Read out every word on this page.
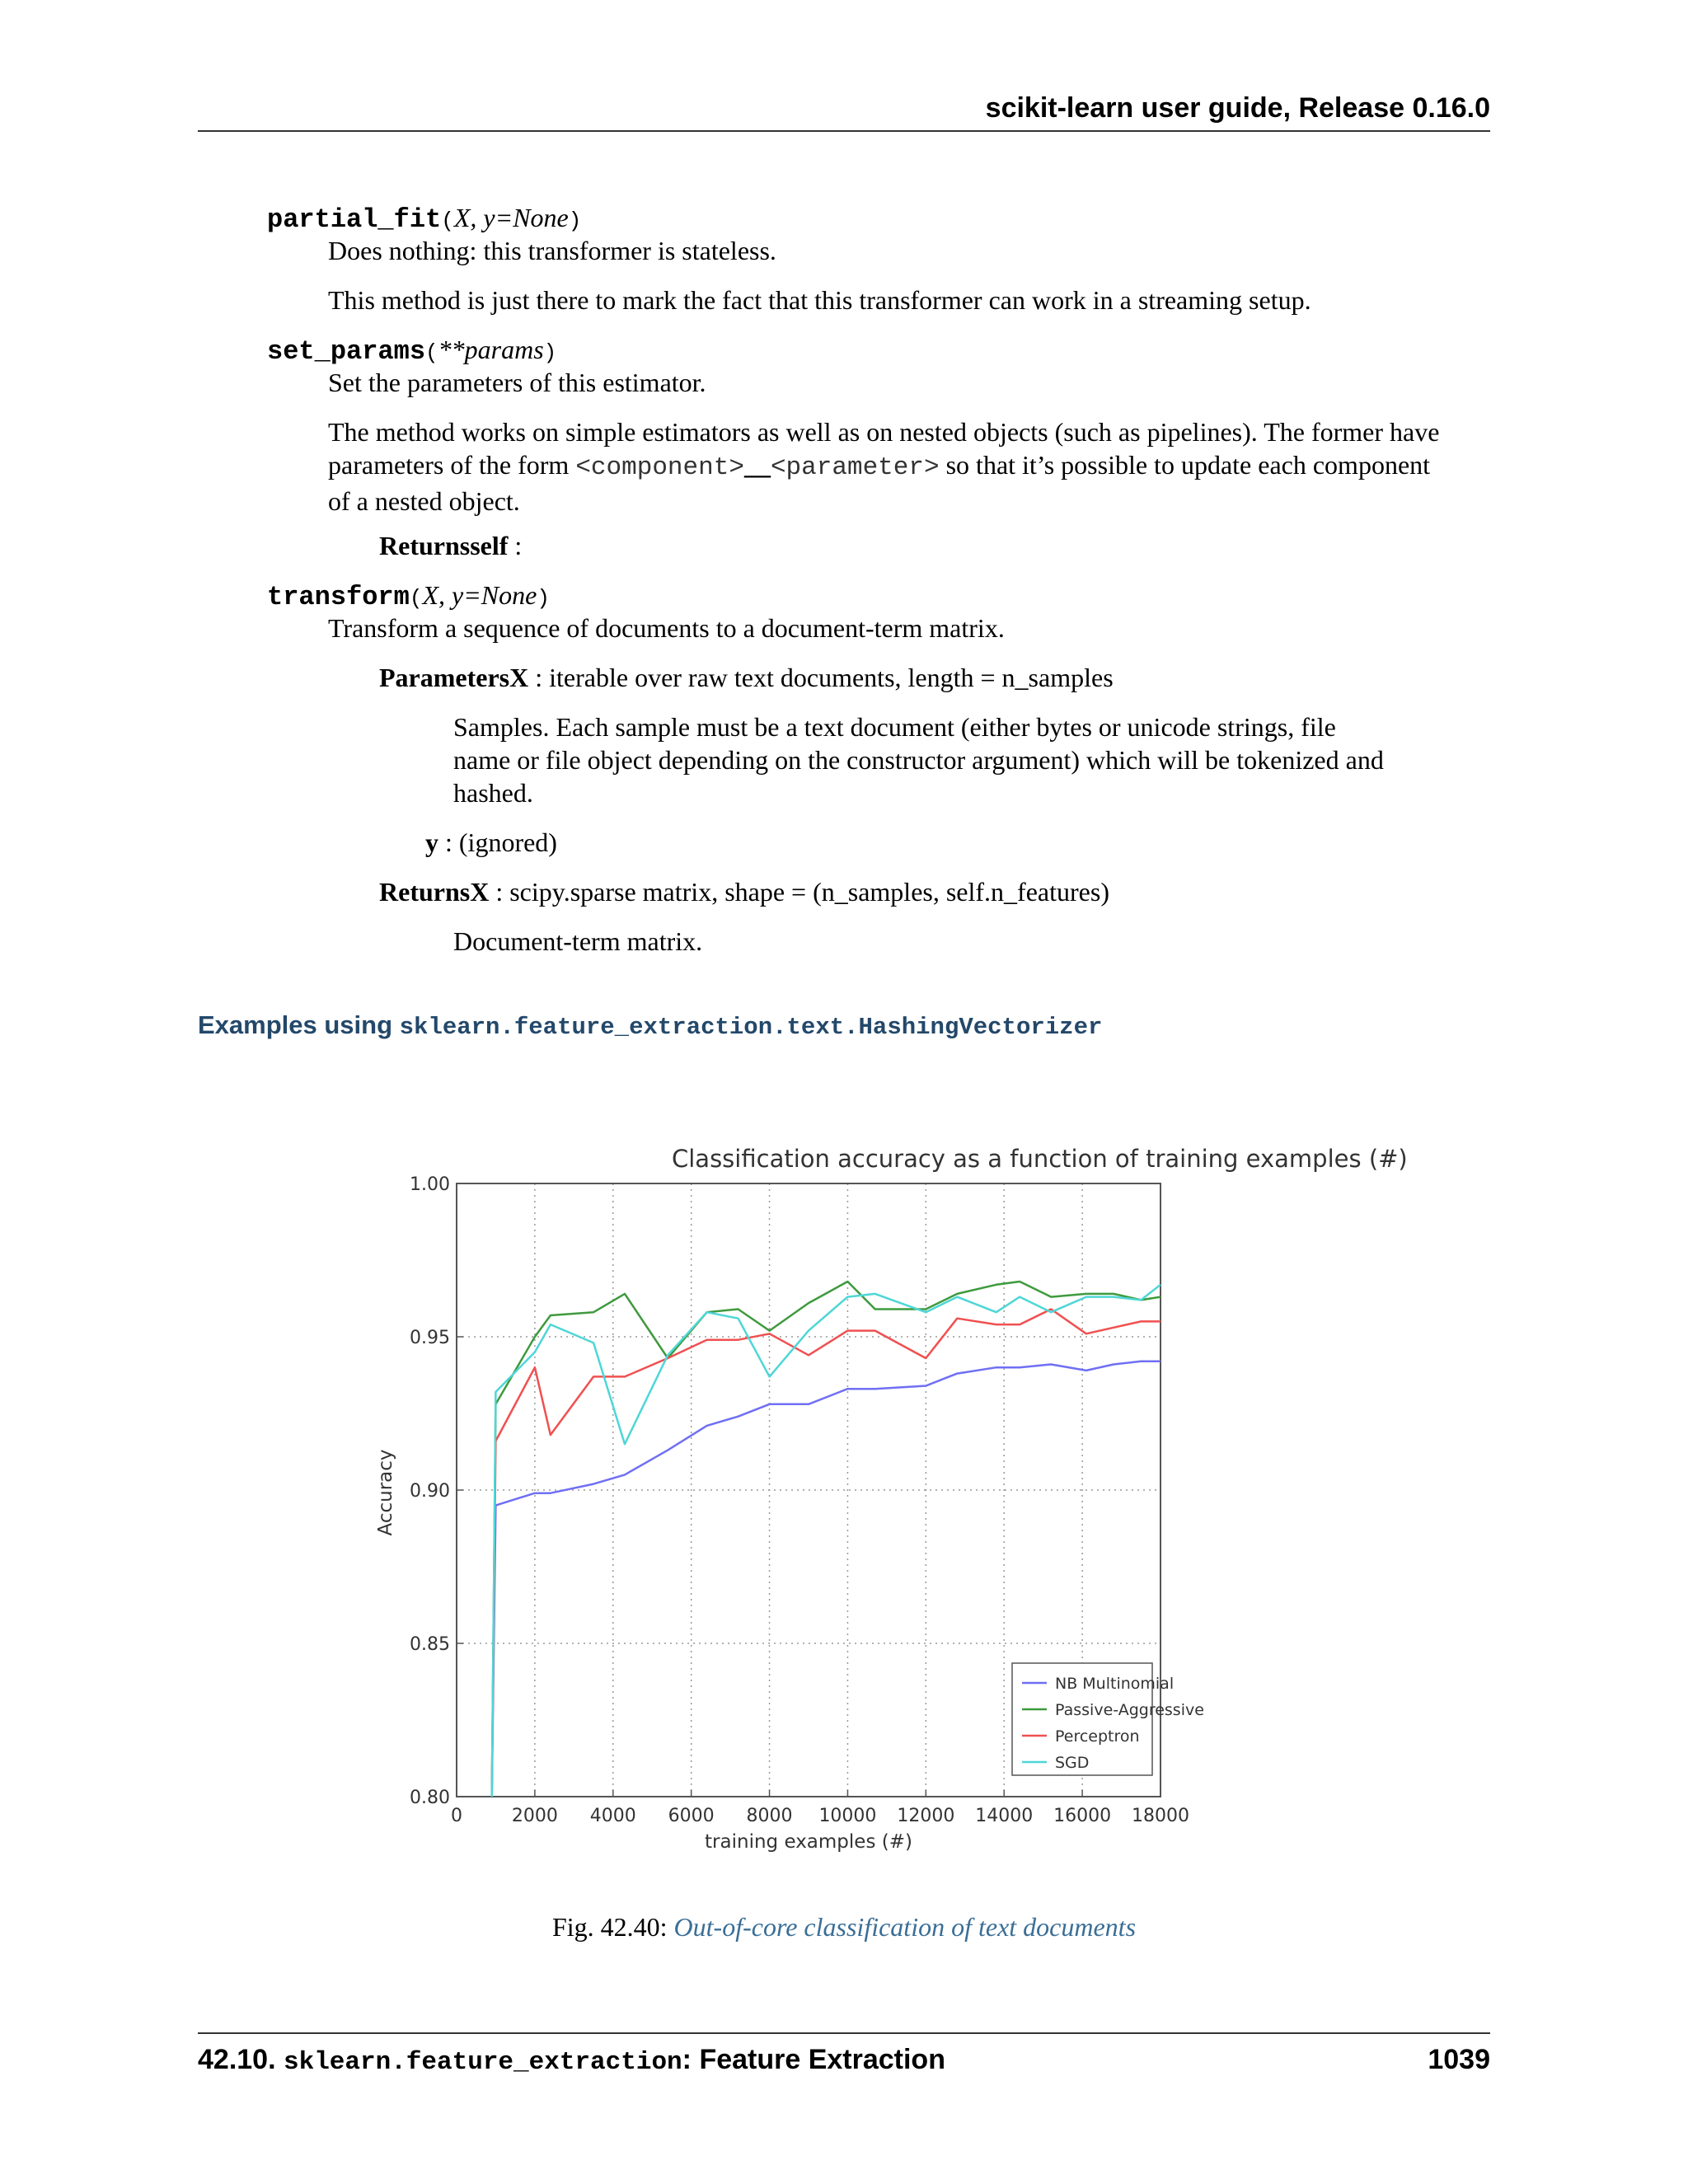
scikit-learn user guide, Release 0.16.0
partial_fit(X, y=None)
Does nothing: this transformer is stateless.
This method is just there to mark the fact that this transformer can work in a streaming setup.
set_params(**params)
Set the parameters of this estimator.
The method works on simple estimators as well as on nested objects (such as pipelines). The former have
parameters of the form <component>__<parameter> so that it’s possible to update each component
of a nested object.
Returnsself :
transform(X, y=None)
Transform a sequence of documents to a document-term matrix.
ParametersX : iterable over raw text documents, length = n_samples
Samples. Each sample must be a text document (either bytes or unicode strings, file
name or file object depending on the constructor argument) which will be tokenized and
hashed.
y : (ignored)
ReturnsX : scipy.sparse matrix, shape = (n_samples, self.n_features)
Document-term matrix.
Examples using sklearn.feature_extraction.text.HashingVectorizer
0	2000 4000 6000 8000 10000 12000 14000 16000 18000
0.80
0.85
0.90
0.95
1.00
Classification accuracy as a function of training examples (#)
training examples (#)
Accuracy
NB Multinomial
Passive-Aggressive
Perceptron
SGD
Fig. 42.40: Out-of-core classification of text documents
42.10. sklearn.feature_extraction: Feature Extraction	1039
